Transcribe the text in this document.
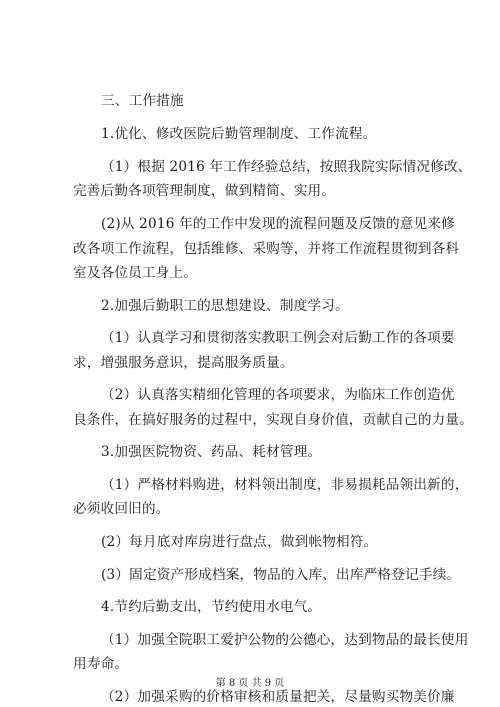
三、工作措施
1.优化、修改医院后勤管理制度、工作流程。
（1）根据 2016 年工作经验总结，按照我院实际情况修改、
完善后勤各项管理制度，做到精简、实用。
(2)从 2016 年的工作中发现的流程问题及反馈的意见来修
改各项工作流程，包括维修、采购等，并将工作流程贯彻到各科
室及各位员工身上。
2.加强后勤职工的思想建设、制度学习。
（1）认真学习和贯彻落实教职工例会对后勤工作的各项要
求，增强服务意识，提高服务质量。
（2）认真落实精细化管理的各项要求，为临床工作创造优
良条件，在搞好服务的过程中，实现自身价值，贡献自己的力量。
3.加强医院物资、药品、耗材管理。
（1）严格材料购进，材料领出制度，非易损耗品领出新的，
必须收回旧的。
(2）每月底对库房进行盘点，做到帐物相符。
(3）固定资产形成档案，物品的入库、出库严格登记手续。
4.节约后勤支出，节约使用水电气。
（1）加强全院职工爱护公物的公德心，达到物品的最长使用
用寿命。
（2）加强采购的价格审核和质量把关，尽量购买物美价廉
第 8 页 共 9 页
